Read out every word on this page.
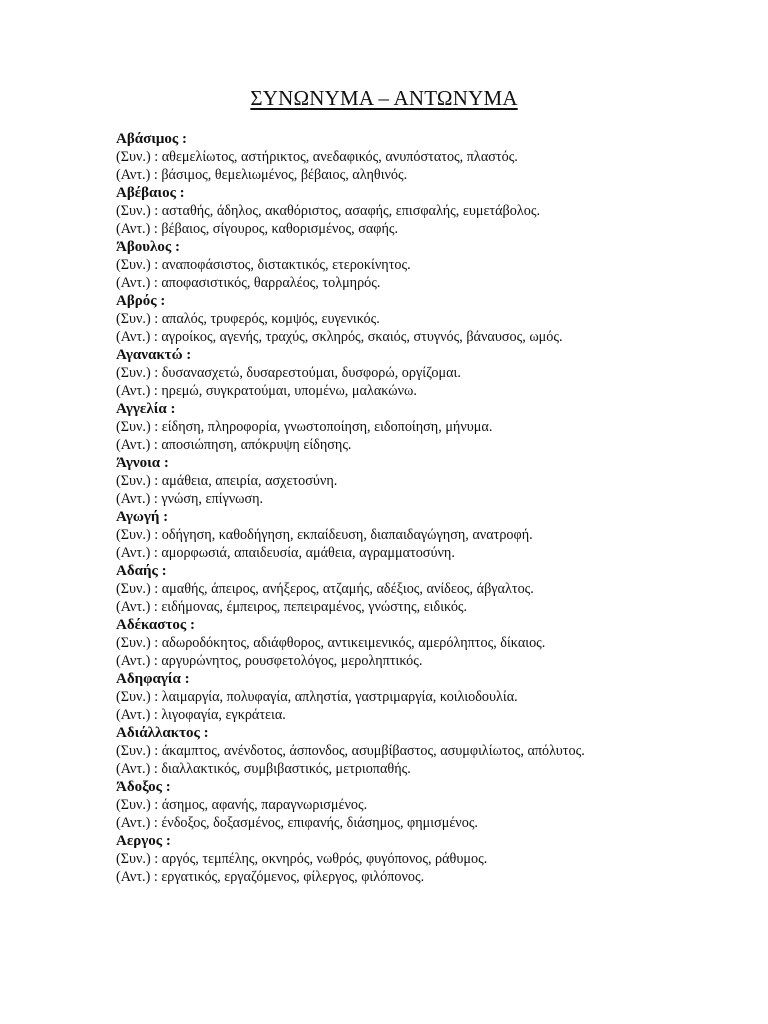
ΣΥΝΩΝΥΜΑ – ΑΝΤΩΝΥΜΑ
Αβάσιμος :
(Συν.) : αθεμελίωτος, αστήρικτος, ανεδαφικός, ανυπόστατος, πλαστός.
(Αντ.) : βάσιμος, θεμελιωμένος, βέβαιος, αληθινός.
Αβέβαιος :
(Συν.) : ασταθής, άδηλος, ακαθόριστος, ασαφής, επισφαλής, ευμετάβολος.
(Αντ.) : βέβαιος, σίγουρος, καθορισμένος, σαφής.
Άβουλος :
(Συν.) : αναποφάσιστος, διστακτικός, ετεροκίνητος.
(Αντ.) : αποφασιστικός, θαρραλέος, τολμηρός.
Αβρός :
(Συν.) : απαλός, τρυφερός, κομψός, ευγενικός.
(Αντ.) : αγροίκος, αγενής, τραχύς, σκληρός, σκαιός, στυγνός, βάναυσος, ωμός.
Αγανακτώ :
(Συν.) : δυσανασχετώ, δυσαρεστούμαι, δυσφορώ, οργίζομαι.
(Αντ.) : ηρεμώ, συγκρατούμαι, υπομένω, μαλακώνω.
Αγγελία :
(Συν.) : είδηση, πληροφορία, γνωστοποίηση, ειδοποίηση, μήνυμα.
(Αντ.) : αποσιώπηση, απόκρυψη είδησης.
Άγνοια :
(Συν.) : αμάθεια, απειρία, ασχετοσύνη.
(Αντ.) : γνώση, επίγνωση.
Αγωγή :
(Συν.) : οδήγηση, καθοδήγηση, εκπαίδευση, διαπαιδαγώγηση, ανατροφή.
(Αντ.) : αμορφωσιά, απαιδευσία, αμάθεια, αγραμματοσύνη.
Αδαής :
(Συν.) : αμαθής, άπειρος, ανήξερος, ατζαμής, αδέξιος, ανίδεος, άβγαλτος.
(Αντ.) : ειδήμονας, έμπειρος, πεπειραμένος, γνώστης, ειδικός.
Αδέκαστος :
(Συν.) : αδωροδόκητος, αδιάφθορος, αντικειμενικός, αμερόληπτος, δίκαιος.
(Αντ.) : αργυρώνητος, ρουσφετολόγος, μεροληπτικός.
Αδηφαγία :
(Συν.) : λαιμαργία, πολυφαγία, απληστία, γαστριμαργία, κοιλιοδουλία.
(Αντ.) : λιγοφαγία, εγκράτεια.
Αδιάλλακτος :
(Συν.) : άκαμπτος, ανένδοτος, άσπονδος, ασυμβίβαστος, ασυμφιλίωτος, απόλυτος.
(Αντ.) : διαλλακτικός, συμβιβαστικός, μετριοπαθής.
Άδοξος :
(Συν.) : άσημος, αφανής, παραγνωρισμένος.
(Αντ.) : ένδοξος, δοξασμένος, επιφανής, διάσημος, φημισμένος.
Αεργος :
(Συν.) : αργός, τεμπέλης, οκνηρός, νωθρός, φυγόπονος, ράθυμος.
(Αντ.) : εργατικός, εργαζόμενος, φίλεργος, φιλόπονος.
